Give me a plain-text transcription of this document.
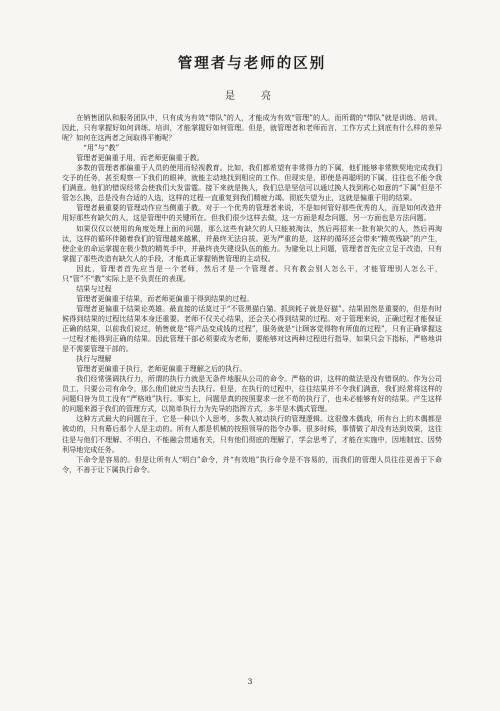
管理者与老师的区别
是　亮

在销售团队和服务团队中，只有成为有效“带队”的人，才能成为有效“管理”的人。而所谓的“带队”就是训练、培训。因此，只有掌握好如何训练、培训，才能掌握好如何管理。但是，就管理者和老师而言，工作方式上到底有什么样的差异呢？如何在这两者之间取得平衡呢？

“用”与“教”

管理者更偏重于用，而老师更偏重于教。

多数的管理者都偏重于人员的使用而轻视教育。比如，我们都希望有非常得力的下属，他们能够非常默契地完成我们交予的任务，甚至观察一下我们的眼神，就能主动地找到相应的工作。但现实是，即使是再聪明的下属，往往也不能令我们满意。他们的错误经常会使我们大发雷霆。接下来就是换人，我们总是坚信可以通过换人找到称心如意的“下属”但是不管怎么换，总是没有合适的人选，这样的过程一直重复到我们精疲力竭。彻底失望为止，这就是偏重于用的结果。

管理者最重要的管理动作应当侧重于教。对于一个优秀的管理者来说，不是如何管好那些优秀的人，而是如何改造并用好那些有缺欠的人，这是管理中的关键所在。但我们很少这样去做，这一方面是观念问题，另一方面也是方法问题。

如果仅仅以使用的角度处理上面的问题，那么这些有缺欠的人只能被淘汰，然后再招来一批有缺欠的人，然后再淘汰，这样的循环伴随着我们的管理越来越累，并最终无法自拔。更为严重的是，这样的循环还会带来“精英残缺”的产生，使企业的命运掌握在极少数的精英手中，并最终丧失建设队伍的能力。为避免以上问题，管理者首先应立足于改造，只有掌握了那些改造有缺欠人的手段，才能真正掌握销售管理的主动权。

因此，管理者首先应当是一个老师，然后才是一个管理者。只有教会别人怎么干，才能管理别人怎么干，只“管”不“教”实际上是不负责任的表现。

结果与过程

管理者更偏重于结果，而老师更偏重于得到结果的过程。

管理者更偏重于结果论英雄。最直接的话莫过于“不管黑猫白猫、抓到耗子就是好猫”。结果固然是重要的，但是有时候得到结果的过程比结果本身还重要。老师不仅关心结果，还会关心得到结果的过程。对于管理来说，正确过程才能保证正确的结果，以前我们说过，销售就是“将产品变成钱的过程”，服务就是“让顾客觉得物有所值的过程”，只有正确掌握这一过程才能得到正确的结果。因此管理干部必须要成为老师，要能够对这两种过程进行指导，如果只会下指标，严格地讲是不需要管理干部的。

执行与理解

管理者更偏重于执行，老师更偏重于理解之后的执行。

我们经常强调执行力，所谓的执行力就是无条件地服从公司的命令。严格的讲，这样的做法是没有错误的。作为公司员工，只要公司有命令，那么他们就应当去执行。但是，在执行的过程中，往往结果并不令我们满意，我们经常将这样的问题归咎为员工没有“严格地”执行。事实上，问题是真的按照要求一丝不苟的执行了，也未必能够有好的结果。产生这样的问题来源于我们的管理方式，以简单执行力为先导的指挥方式，多半是木偶式管理。

这种方式最大的问题在于，它是一种以个人思考，多数人被动执行的管理逻辑。这很像木偶戏，所有台上的木偶都是被动的，只有幕后那个人是主动的。所有人都是机械的按照领导的指令办事。很多时候，事情做了却没有达到效果，这往往是与他们不理解、不明白、不能融会贯通有关，只有他们彻底的理解了，学会思考了，才能在实施中，因地制宜、因势利导地完成任务。

下命令是容易的。但是让所有人“明白”命令，并“有效地”执行命令是不容易的，而我们的管理人员往往更善于下命令，不善于让下属执行命令。

3
